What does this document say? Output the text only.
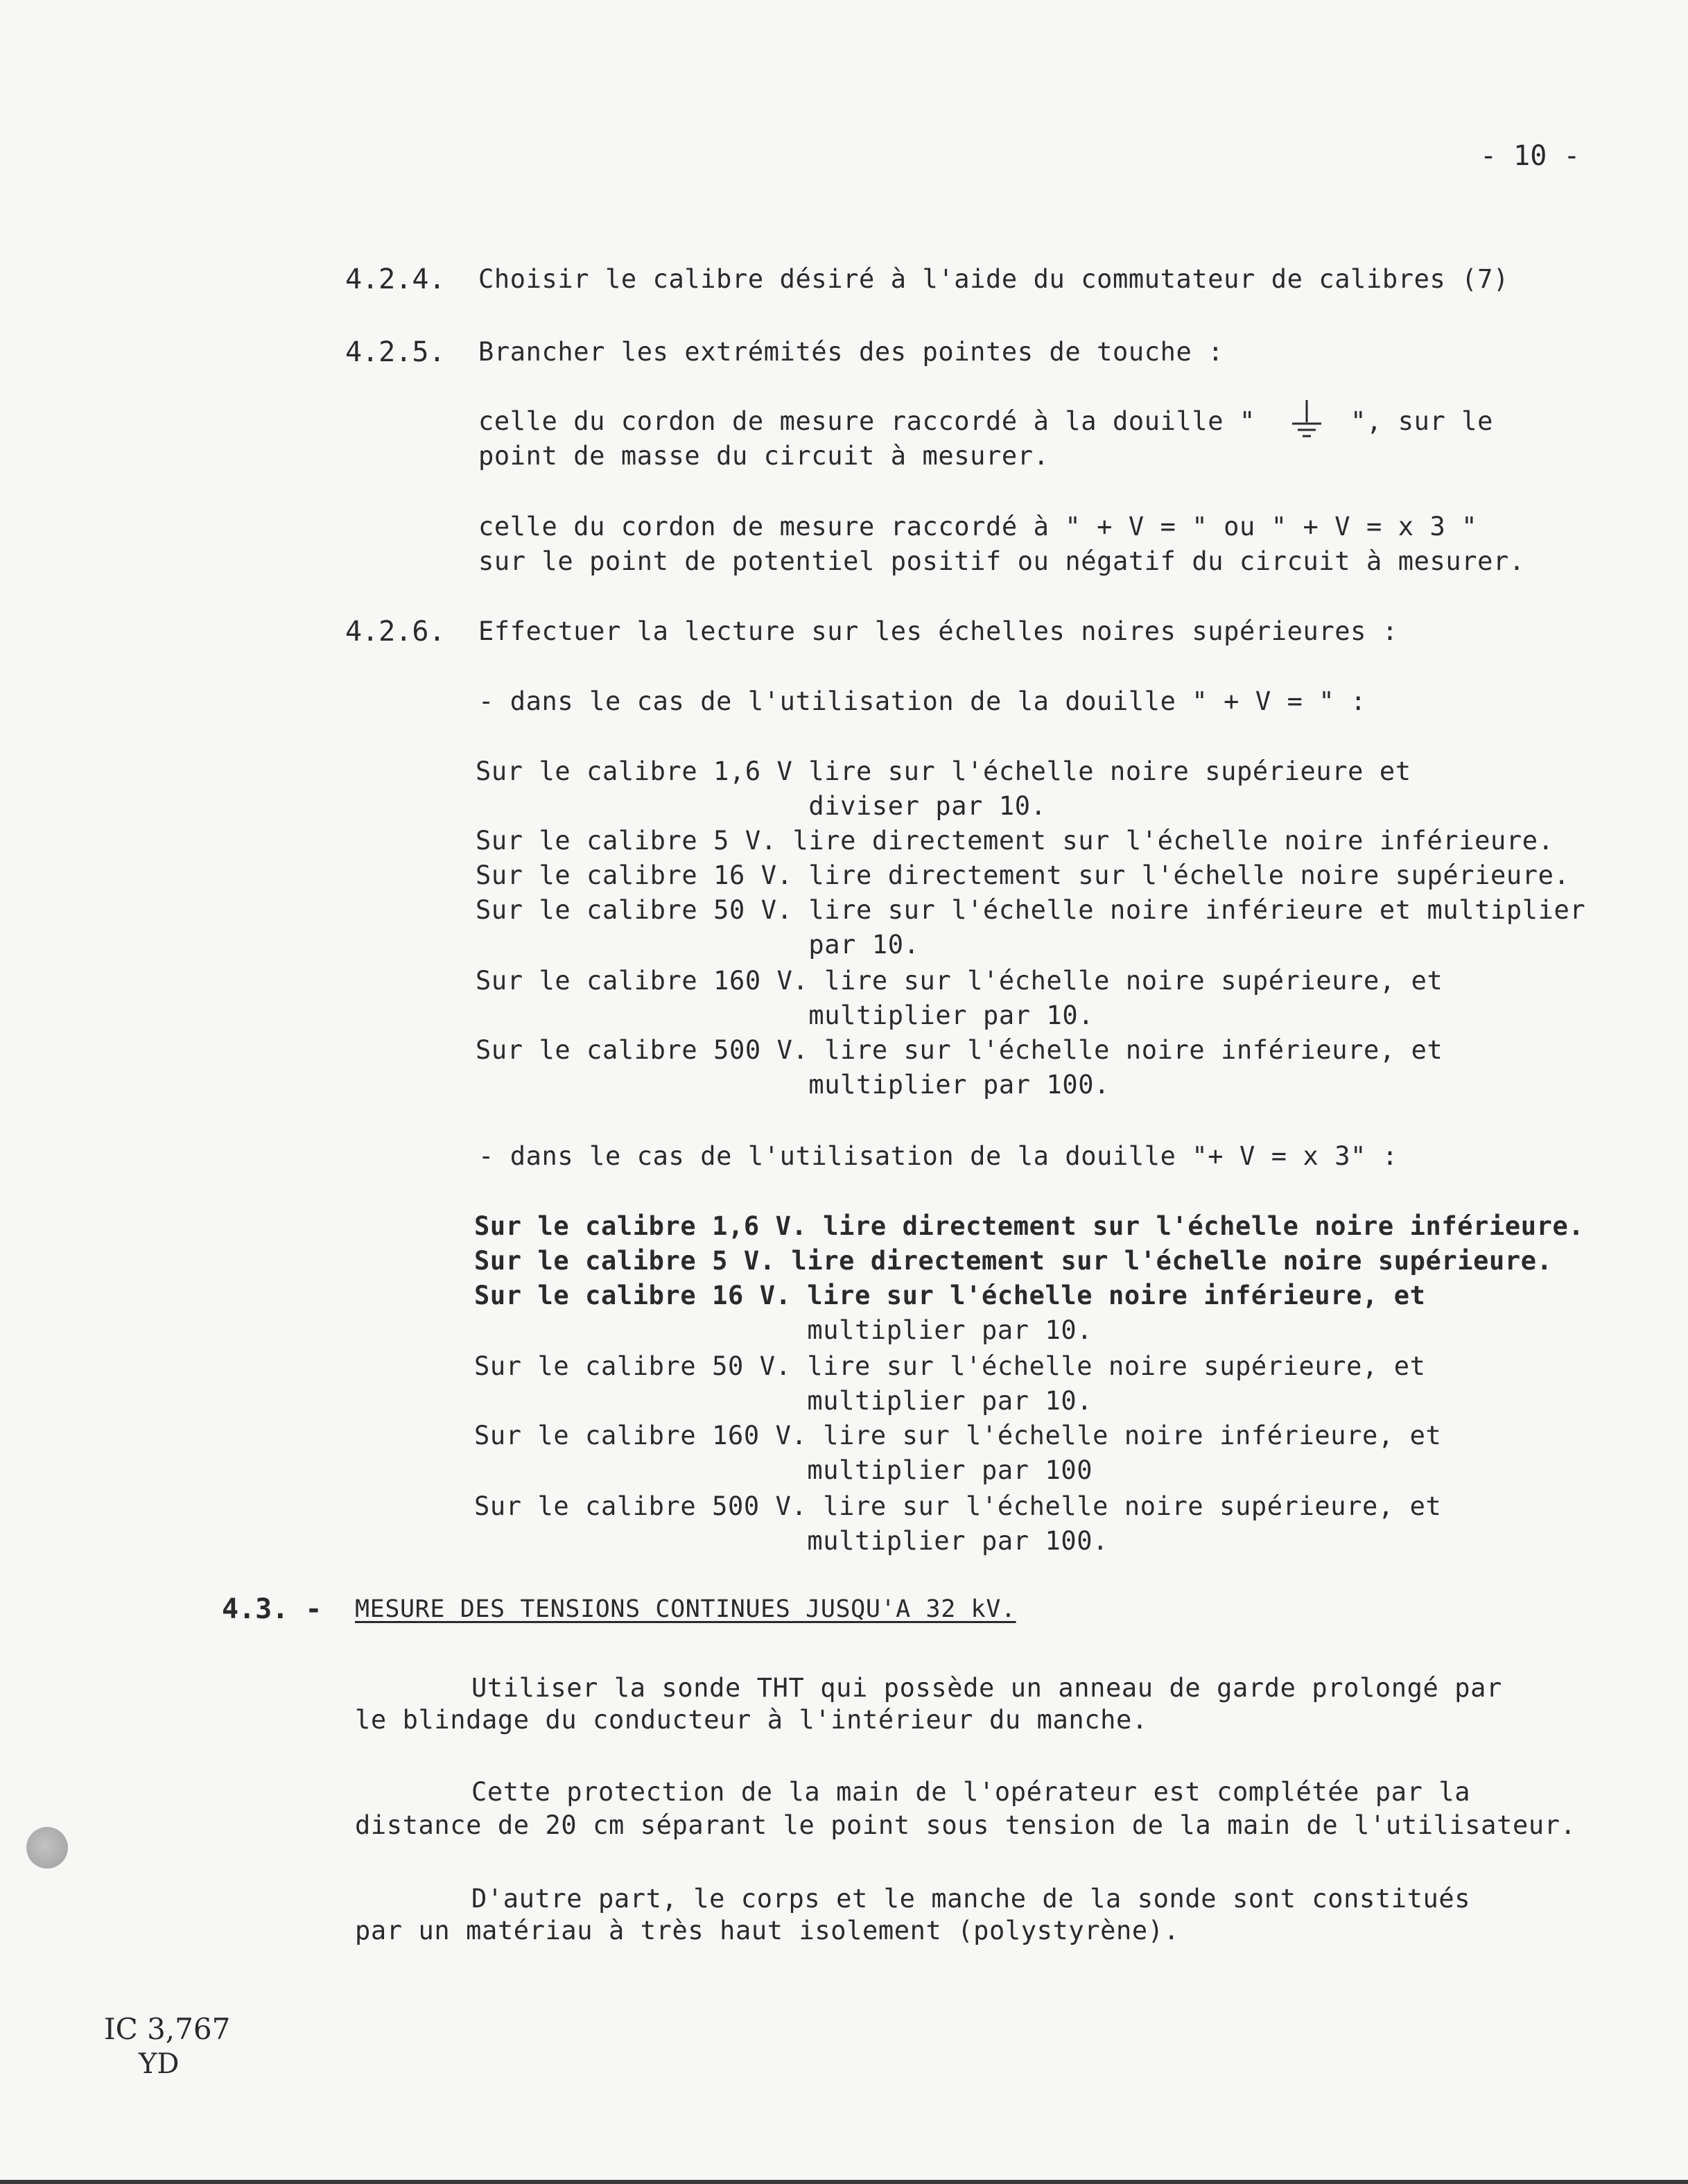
- 10 -
4.2.4. Choisir le calibre désiré à l'aide du commutateur de calibres (7)
4.2.5. Brancher les extrémités des pointes de touche :
celle du cordon de mesure raccordé à la douille "      ", sur le
point de masse du circuit à mesurer.
celle du cordon de mesure raccordé à " + V = " ou " + V = x 3 "
sur le point de potentiel positif ou négatif du circuit à mesurer.
4.2.6. Effectuer la lecture sur les échelles noires supérieures :
- dans le cas de l'utilisation de la douille " + V = " :
Sur le calibre 1,6 V lire sur l'échelle noire supérieure et
diviser par 10.
Sur le calibre 5 V. lire directement sur l'échelle noire inférieure.
Sur le calibre 16 V. lire directement sur l'échelle noire supérieure.
Sur le calibre 50 V. lire sur l'échelle noire inférieure et multiplier
par 10.
Sur le calibre 160 V. lire sur l'échelle noire supérieure, et
multiplier par 10.
Sur le calibre 500 V. lire sur l'échelle noire inférieure, et
multiplier par 100.
- dans le cas de l'utilisation de la douille "+ V = x 3" :
Sur le calibre 1,6 V. lire directement sur l'échelle noire inférieure.
Sur le calibre 5 V. lire directement sur l'échelle noire supérieure.
Sur le calibre 16 V. lire sur l'échelle noire inférieure, et
multiplier par 10.
Sur le calibre 50 V. lire sur l'échelle noire supérieure, et
multiplier par 10.
Sur le calibre 160 V. lire sur l'échelle noire inférieure, et
multiplier par 100
Sur le calibre 500 V. lire sur l'échelle noire supérieure, et
multiplier par 100.
4.3. - MESURE DES TENSIONS CONTINUES JUSQU'A 32 kV.
Utiliser la sonde THT qui possède un anneau de garde prolongé par
le blindage du conducteur à l'intérieur du manche.
Cette protection de la main de l'opérateur est complétée par la
distance de 20 cm séparant le point sous tension de la main de l'utilisateur.
D'autre part, le corps et le manche de la sonde sont constitués
par un matériau à très haut isolement (polystyrène).
IC 3,767
YD
